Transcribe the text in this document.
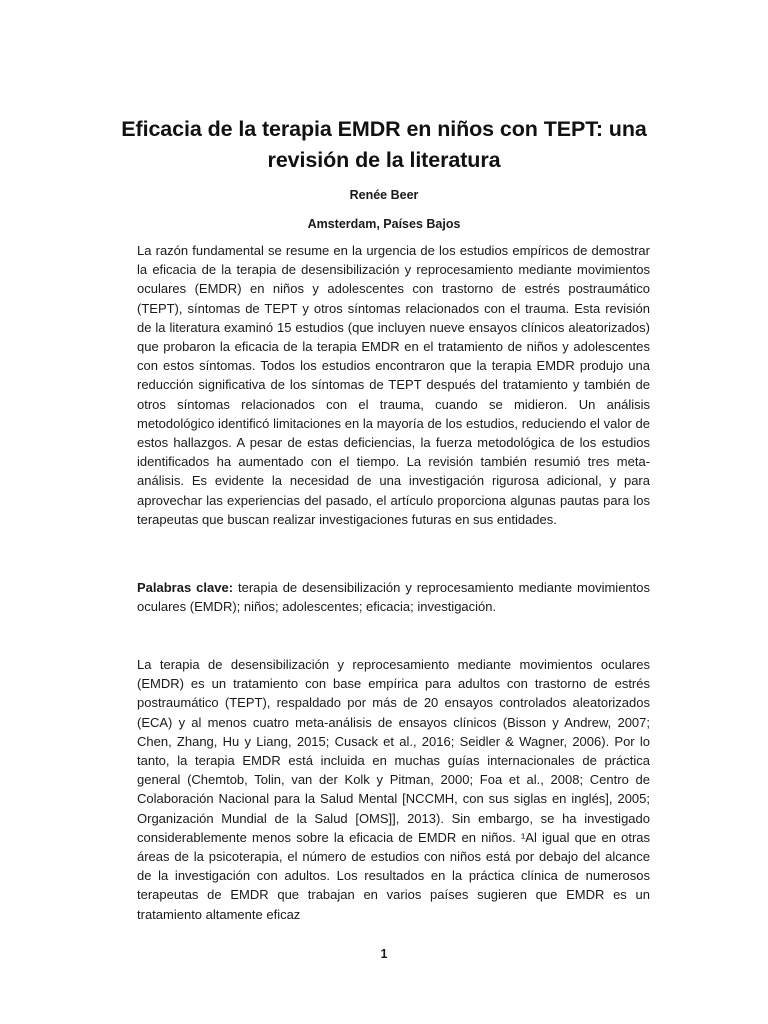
Eficacia de la terapia EMDR en niños con TEPT: una revisión de la literatura
Renée Beer
Amsterdam, Países Bajos

La razón fundamental se resume en la urgencia de los estudios empíricos de demostrar la eficacia de la terapia de desensibilización y reprocesamiento mediante movimientos oculares (EMDR) en niños y adolescentes con trastorno de estrés postraumático (TEPT), síntomas de TEPT y otros síntomas relacionados con el trauma. Esta revisión de la literatura examinó 15 estudios (que incluyen nueve ensayos clínicos aleatorizados) que probaron la eficacia de la terapia EMDR en el tratamiento de niños y adolescentes con estos síntomas. Todos los estudios encontraron que la terapia EMDR produjo una reducción significativa de los síntomas de TEPT después del tratamiento y también de otros síntomas relacionados con el trauma, cuando se midieron. Un análisis metodológico identificó limitaciones en la mayoría de los estudios, reduciendo el valor de estos hallazgos. A pesar de estas deficiencias, la fuerza metodológica de los estudios identificados ha aumentado con el tiempo. La revisión también resumió tres meta-análisis. Es evidente la necesidad de una investigación rigurosa adicional, y para aprovechar las experiencias del pasado, el artículo proporciona algunas pautas para los terapeutas que buscan realizar investigaciones futuras en sus entidades.

Palabras clave: terapia de desensibilización y reprocesamiento mediante movimientos oculares (EMDR); niños; adolescentes; eficacia; investigación.

La terapia de desensibilización y reprocesamiento mediante movimientos oculares (EMDR) es un tratamiento con base empírica para adultos con trastorno de estrés postraumático (TEPT), respaldado por más de 20 ensayos controlados aleatorizados (ECA) y al menos cuatro meta-análisis de ensayos clínicos (Bisson y Andrew, 2007; Chen, Zhang, Hu y Liang, 2015; Cusack et al., 2016; Seidler & Wagner, 2006). Por lo tanto, la terapia EMDR está incluida en muchas guías internacionales de práctica general (Chemtob, Tolin, van der Kolk y Pitman, 2000; Foa et al., 2008; Centro de Colaboración Nacional para la Salud Mental [NCCMH, con sus siglas en inglés], 2005; Organización Mundial de la Salud [OMS]], 2013). Sin embargo, se ha investigado considerablemente menos sobre la eficacia de EMDR en niños. ¹Al igual que en otras áreas de la psicoterapia, el número de estudios con niños está por debajo del alcance de la investigación con adultos. Los resultados en la práctica clínica de numerosos terapeutas de EMDR que trabajan en varios países sugieren que EMDR es un tratamiento altamente eficaz

1
